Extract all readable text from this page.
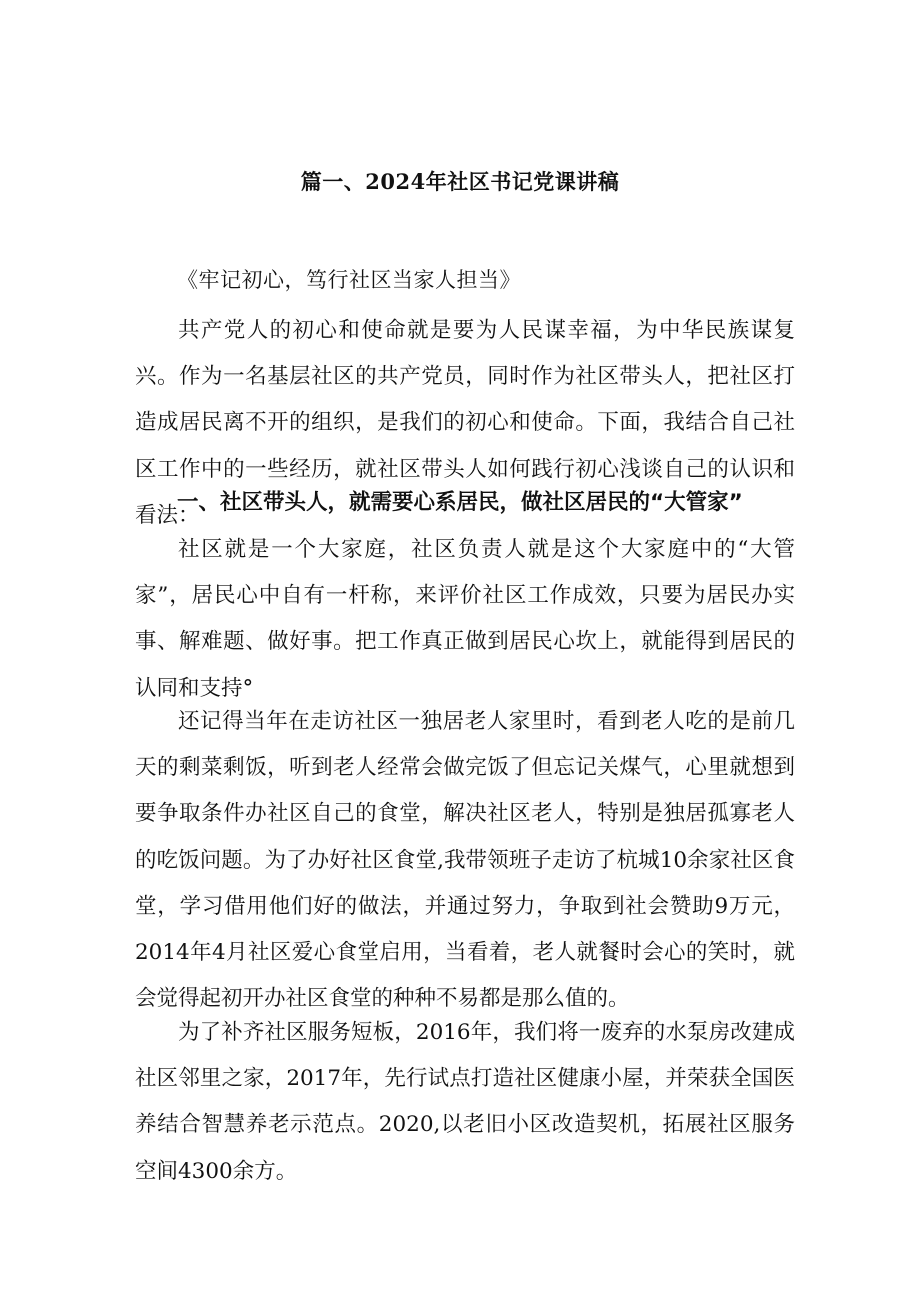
篇一、2024年社区书记党课讲稿
《牢记初心，笃行社区当家人担当》

共产党人的初心和使命就是要为人民谋幸福，为中华民族谋复兴。作为一名基层社区的共产党员，同时作为社区带头人，把社区打造成居民离不开的组织，是我们的初心和使命。下面，我结合自己社区工作中的一些经历，就社区带头人如何践行初心浅谈自己的认识和看法：

一、社区带头人，就需要心系居民，做社区居民的“大管家”

社区就是一个大家庭，社区负责人就是这个大家庭中的“大管家”，居民心中自有一杆称，来评价社区工作成效，只要为居民办实事、解难题、做好事。把工作真正做到居民心坎上，就能得到居民的认同和支持°

还记得当年在走访社区一独居老人家里时，看到老人吃的是前几天的剩菜剩饭，听到老人经常会做完饭了但忘记关煤气，心里就想到要争取条件办社区自己的食堂，解决社区老人，特别是独居孤寡老人的吃饭问题。为了办好社区食堂,我带领班子走访了杭城10余家社区食堂，学习借用他们好的做法，并通过努力，争取到社会赞助9万元，2014年4月社区爱心食堂启用，当看着，老人就餐时会心的笑时，就会觉得起初开办社区食堂的种种不易都是那么值的。

为了补齐社区服务短板，2016年，我们将一废弃的水泵房改建成社区邻里之家，2017年，先行试点打造社区健康小屋，并荣获全国医养结合智慧养老示范点。2020,以老旧小区改造契机，拓展社区服务空间4300余方。
